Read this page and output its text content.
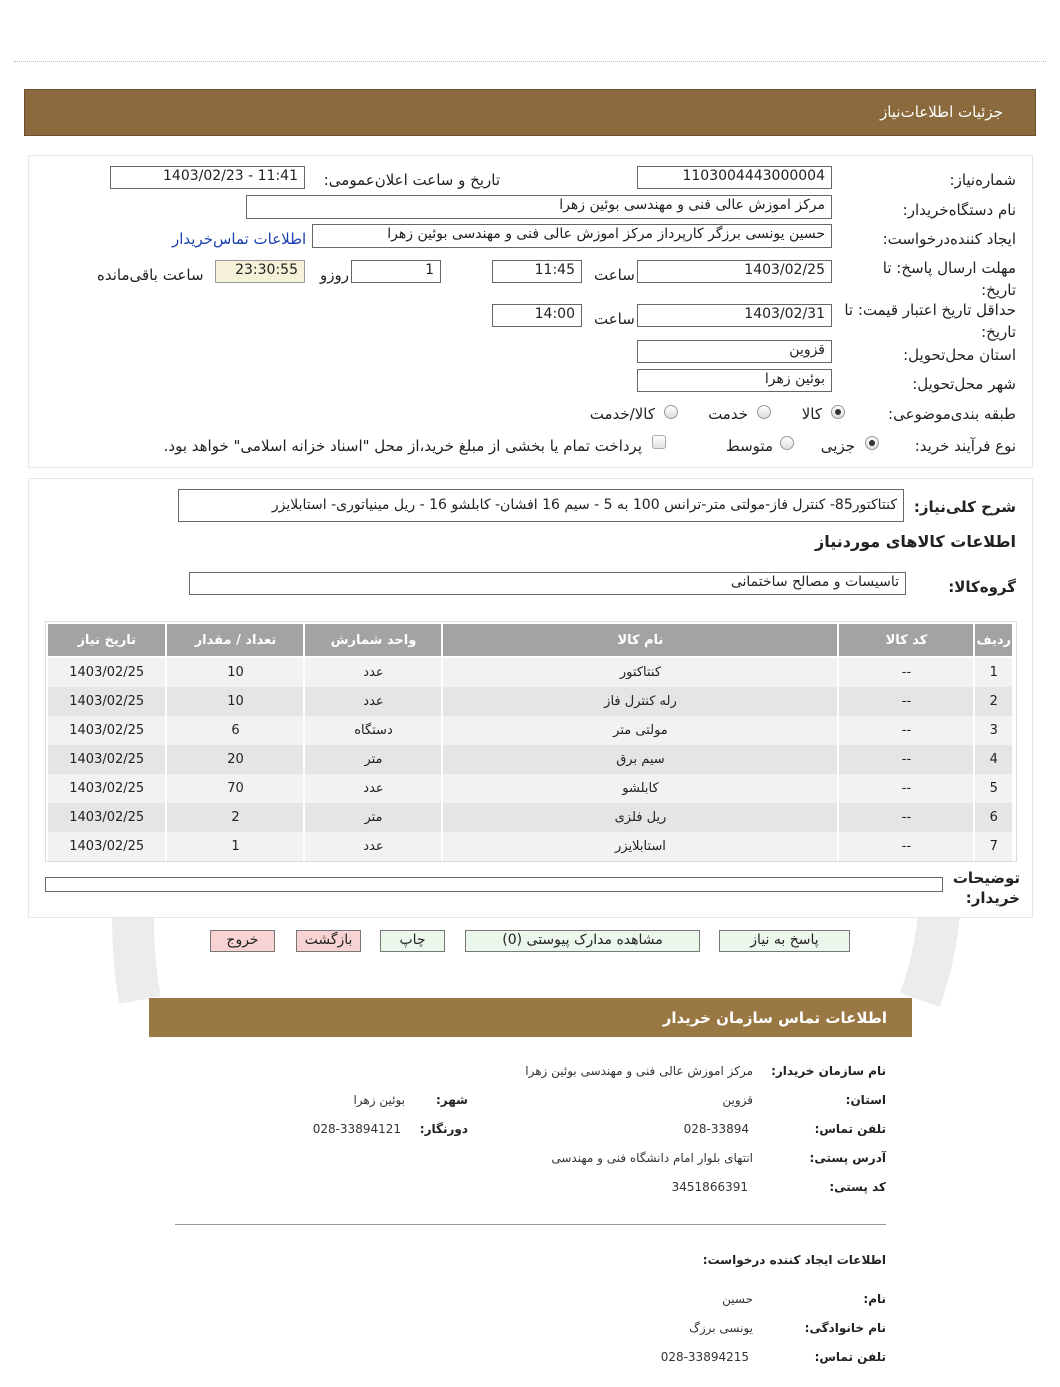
جزئیات اطلاعات‌نیاز
شماره‌نیاز:
1103004443000004
تاریخ و ساعت اعلان‌عمومی:
1403/02/23 - 11:41
نام دستگاه‌خریدار:
مرکز اموزش عالی فنی و مهندسی بوئین زهرا
ایجاد کننده‌درخواست:
حسین یونسی برزگر کارپرداز مرکز اموزش عالی فنی و مهندسی بوئین زهرا
اطلاعات تماس‌خریدار
مهلت ارسال پاسخ: تا تاریخ:
1403/02/25
ساعت
11:45
1
روزو
23:30:55
ساعت باقی‌مانده
حداقل تاریخ اعتبار قیمت: تا تاریخ:
1403/02/31
ساعت
14:00
استان محل‌تحویل:
قزوین
شهر محل‌تحویل:
بوئین زهرا
طبقه بندی‌موضوعی:
کالا
خدمت
کالا/خدمت
نوع فرآیند خرید:
جزیی
متوسط
پرداخت تمام یا بخشی از مبلغ خرید،از محل "اسناد خزانه اسلامی" خواهد بود.
شرح کلی‌نیاز:
کنتاکتور85- کنترل فاز-مولتی متر-ترانس 100 به 5 - سیم 16 افشان- کابلشو 16 - ریل مینیاتوری- استابلایزر
اطلاعات کالاهای موردنیاز
گروه‌کالا:
تاسیسات و مصالح ساختمانی
ردیف	کد کالا	نام کالا	واحد شمارش	تعداد / مقدار	تاریخ نیاز
1	--	کنتاکتور	عدد	10	1403/02/25
2	--	رله کنترل فاز	عدد	10	1403/02/25
3	--	مولتی متر	دستگاه	6	1403/02/25
4	--	سیم برق	متر	20	1403/02/25
5	--	کابلشو	عدد	70	1403/02/25
6	--	ریل فلزی	متر	2	1403/02/25
7	--	استابلایزر	عدد	1	1403/02/25
توضیحات خریدار:
پاسخ به نیاز
مشاهده مدارک پیوستی (0)
چاپ
بازگشت
خروج
اطلاعات تماس سازمان خریدار
نام سازمان خریدار:
مرکز اموزش عالی فنی و مهندسی بوئین زهرا
استان:
قزوین
شهر:
بوئین زهرا
تلفن تماس:
028-33894
دورنگار:
028-33894121
آدرس پستی:
انتهای بلوار امام دانشگاه فنی و مهندسی
کد پستی:
3451866391
اطلاعات ایجاد کننده درخواست:
نام:
حسین
نام خانوادگی:
یونسی برزگ
تلفن تماس:
028-33894215
